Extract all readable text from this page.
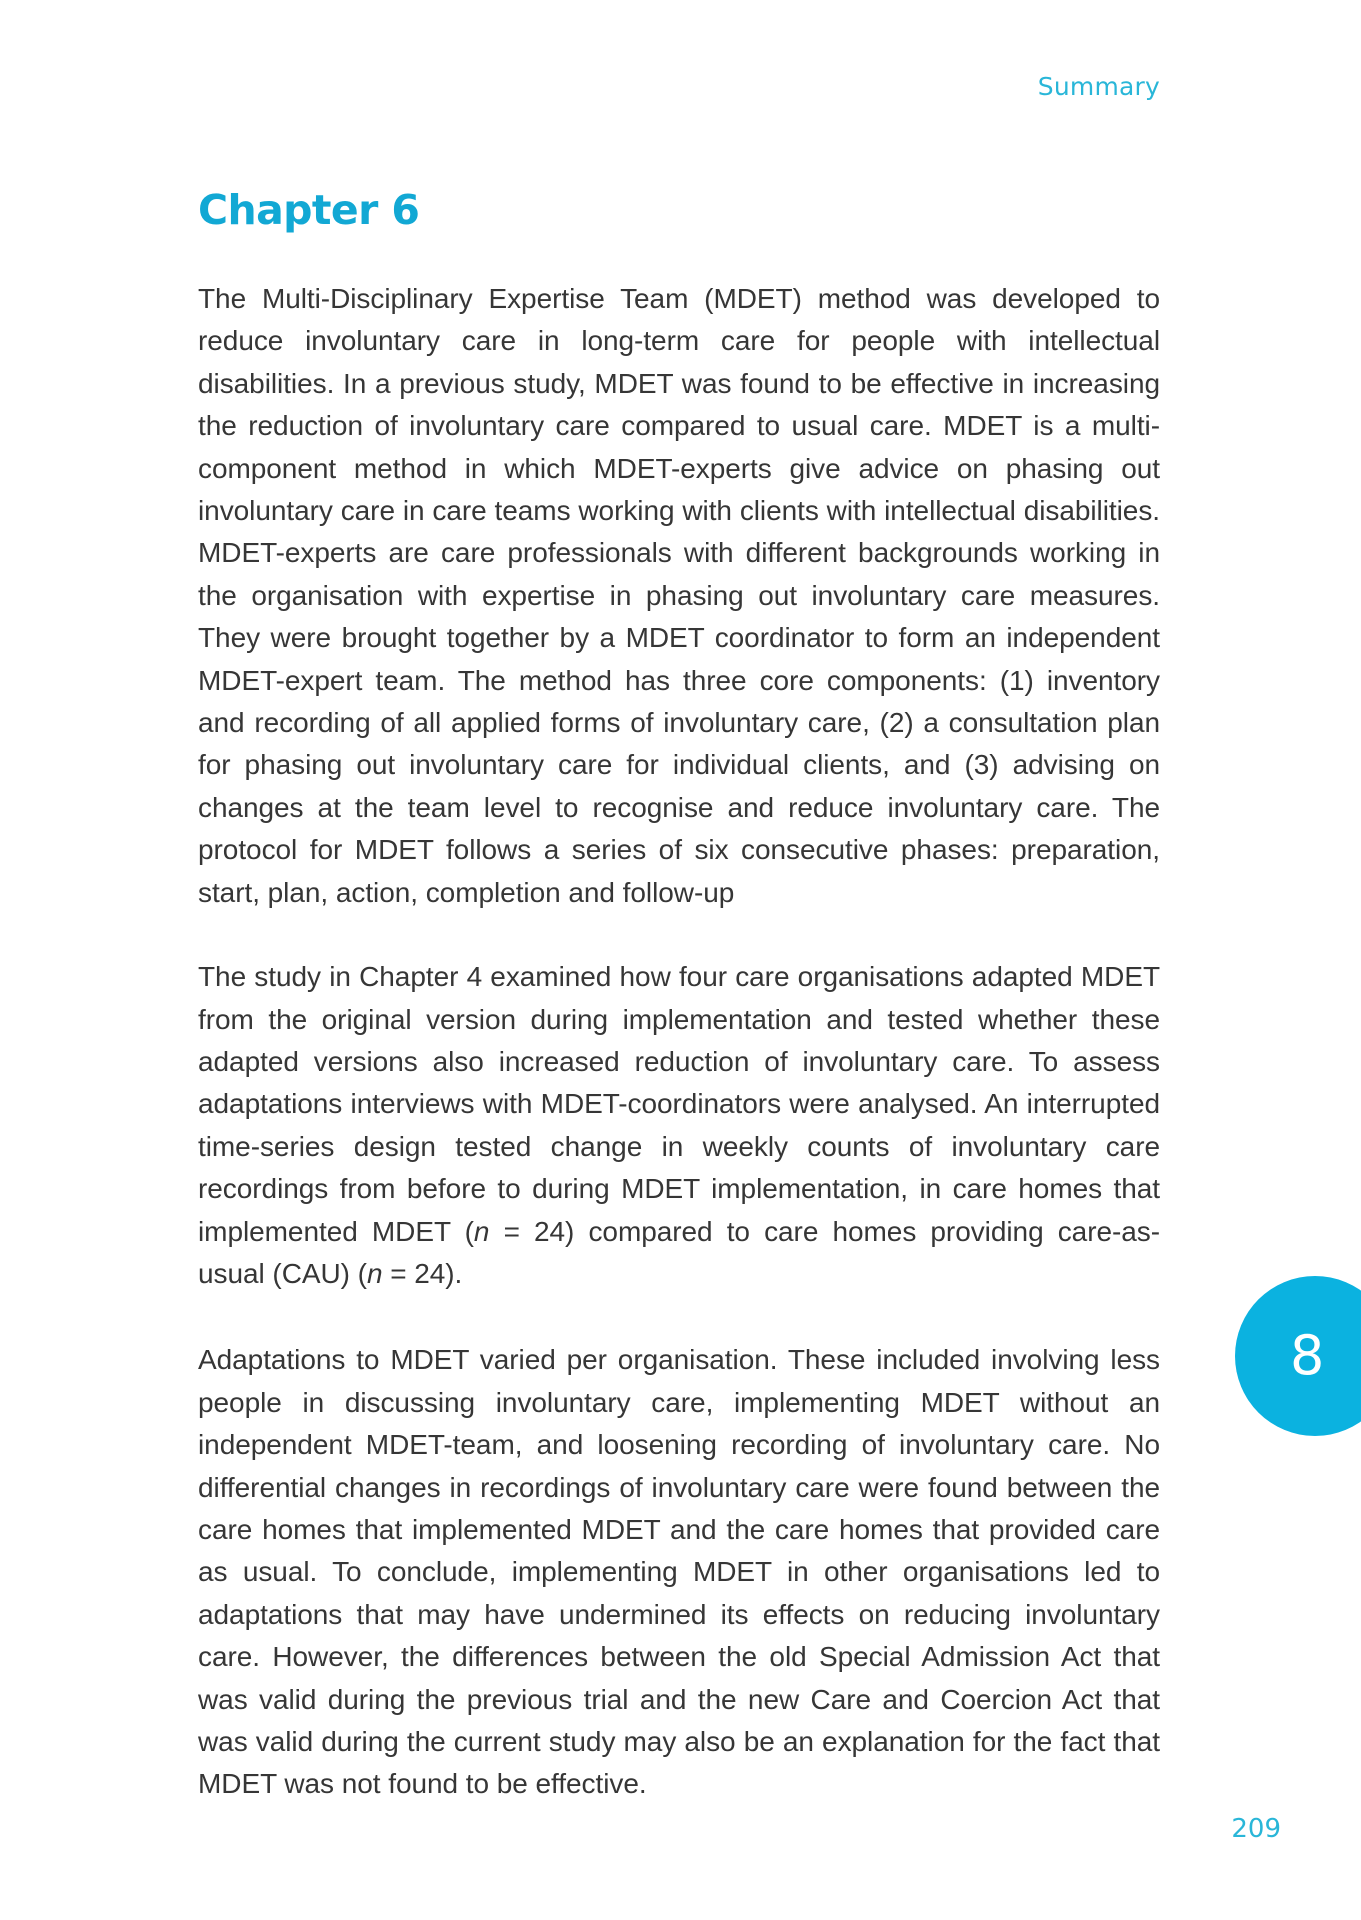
Summary
Chapter 6

The Multi-Disciplinary Expertise Team (MDET) method was developed to reduce involuntary care in long-term care for people with intellectual disabilities. In a previous study, MDET was found to be effective in increasing the reduction of involuntary care compared to usual care. MDET is a multi-component method in which MDET-experts give advice on phasing out involuntary care in care teams working with clients with intellectual disabilities. MDET-experts are care professionals with different backgrounds working in the organisation with expertise in phasing out involuntary care measures. They were brought together by a MDET coordinator to form an independent MDET-expert team. The method has three core components: (1) inventory and recording of all applied forms of involuntary care, (2) a consultation plan for phasing out involuntary care for individual clients, and (3) advising on changes at the team level to recognise and reduce involuntary care. The protocol for MDET follows a series of six consecutive phases: preparation, start, plan, action, completion and follow-up

The study in Chapter 4 examined how four care organisations adapted MDET from the original version during implementation and tested whether these adapted versions also increased reduction of involuntary care. To assess adaptations interviews with MDET-coordinators were analysed. An interrupted time-series design tested change in weekly counts of involuntary care recordings from before to during MDET implementation, in care homes that implemented MDET (n = 24) compared to care homes providing care-as-usual (CAU) (n = 24).

Adaptations to MDET varied per organisation. These included involving less people in discussing involuntary care, implementing MDET without an independent MDET-team, and loosening recording of involuntary care. No differential changes in recordings of involuntary care were found between the care homes that implemented MDET and the care homes that provided care as usual. To conclude, implementing MDET in other organisations led to adaptations that may have undermined its effects on reducing involuntary care. However, the differences between the old Special Admission Act that was valid during the previous trial and the new Care and Coercion Act that was valid during the current study may also be an explanation for the fact that MDET was not found to be effective.

8
209
